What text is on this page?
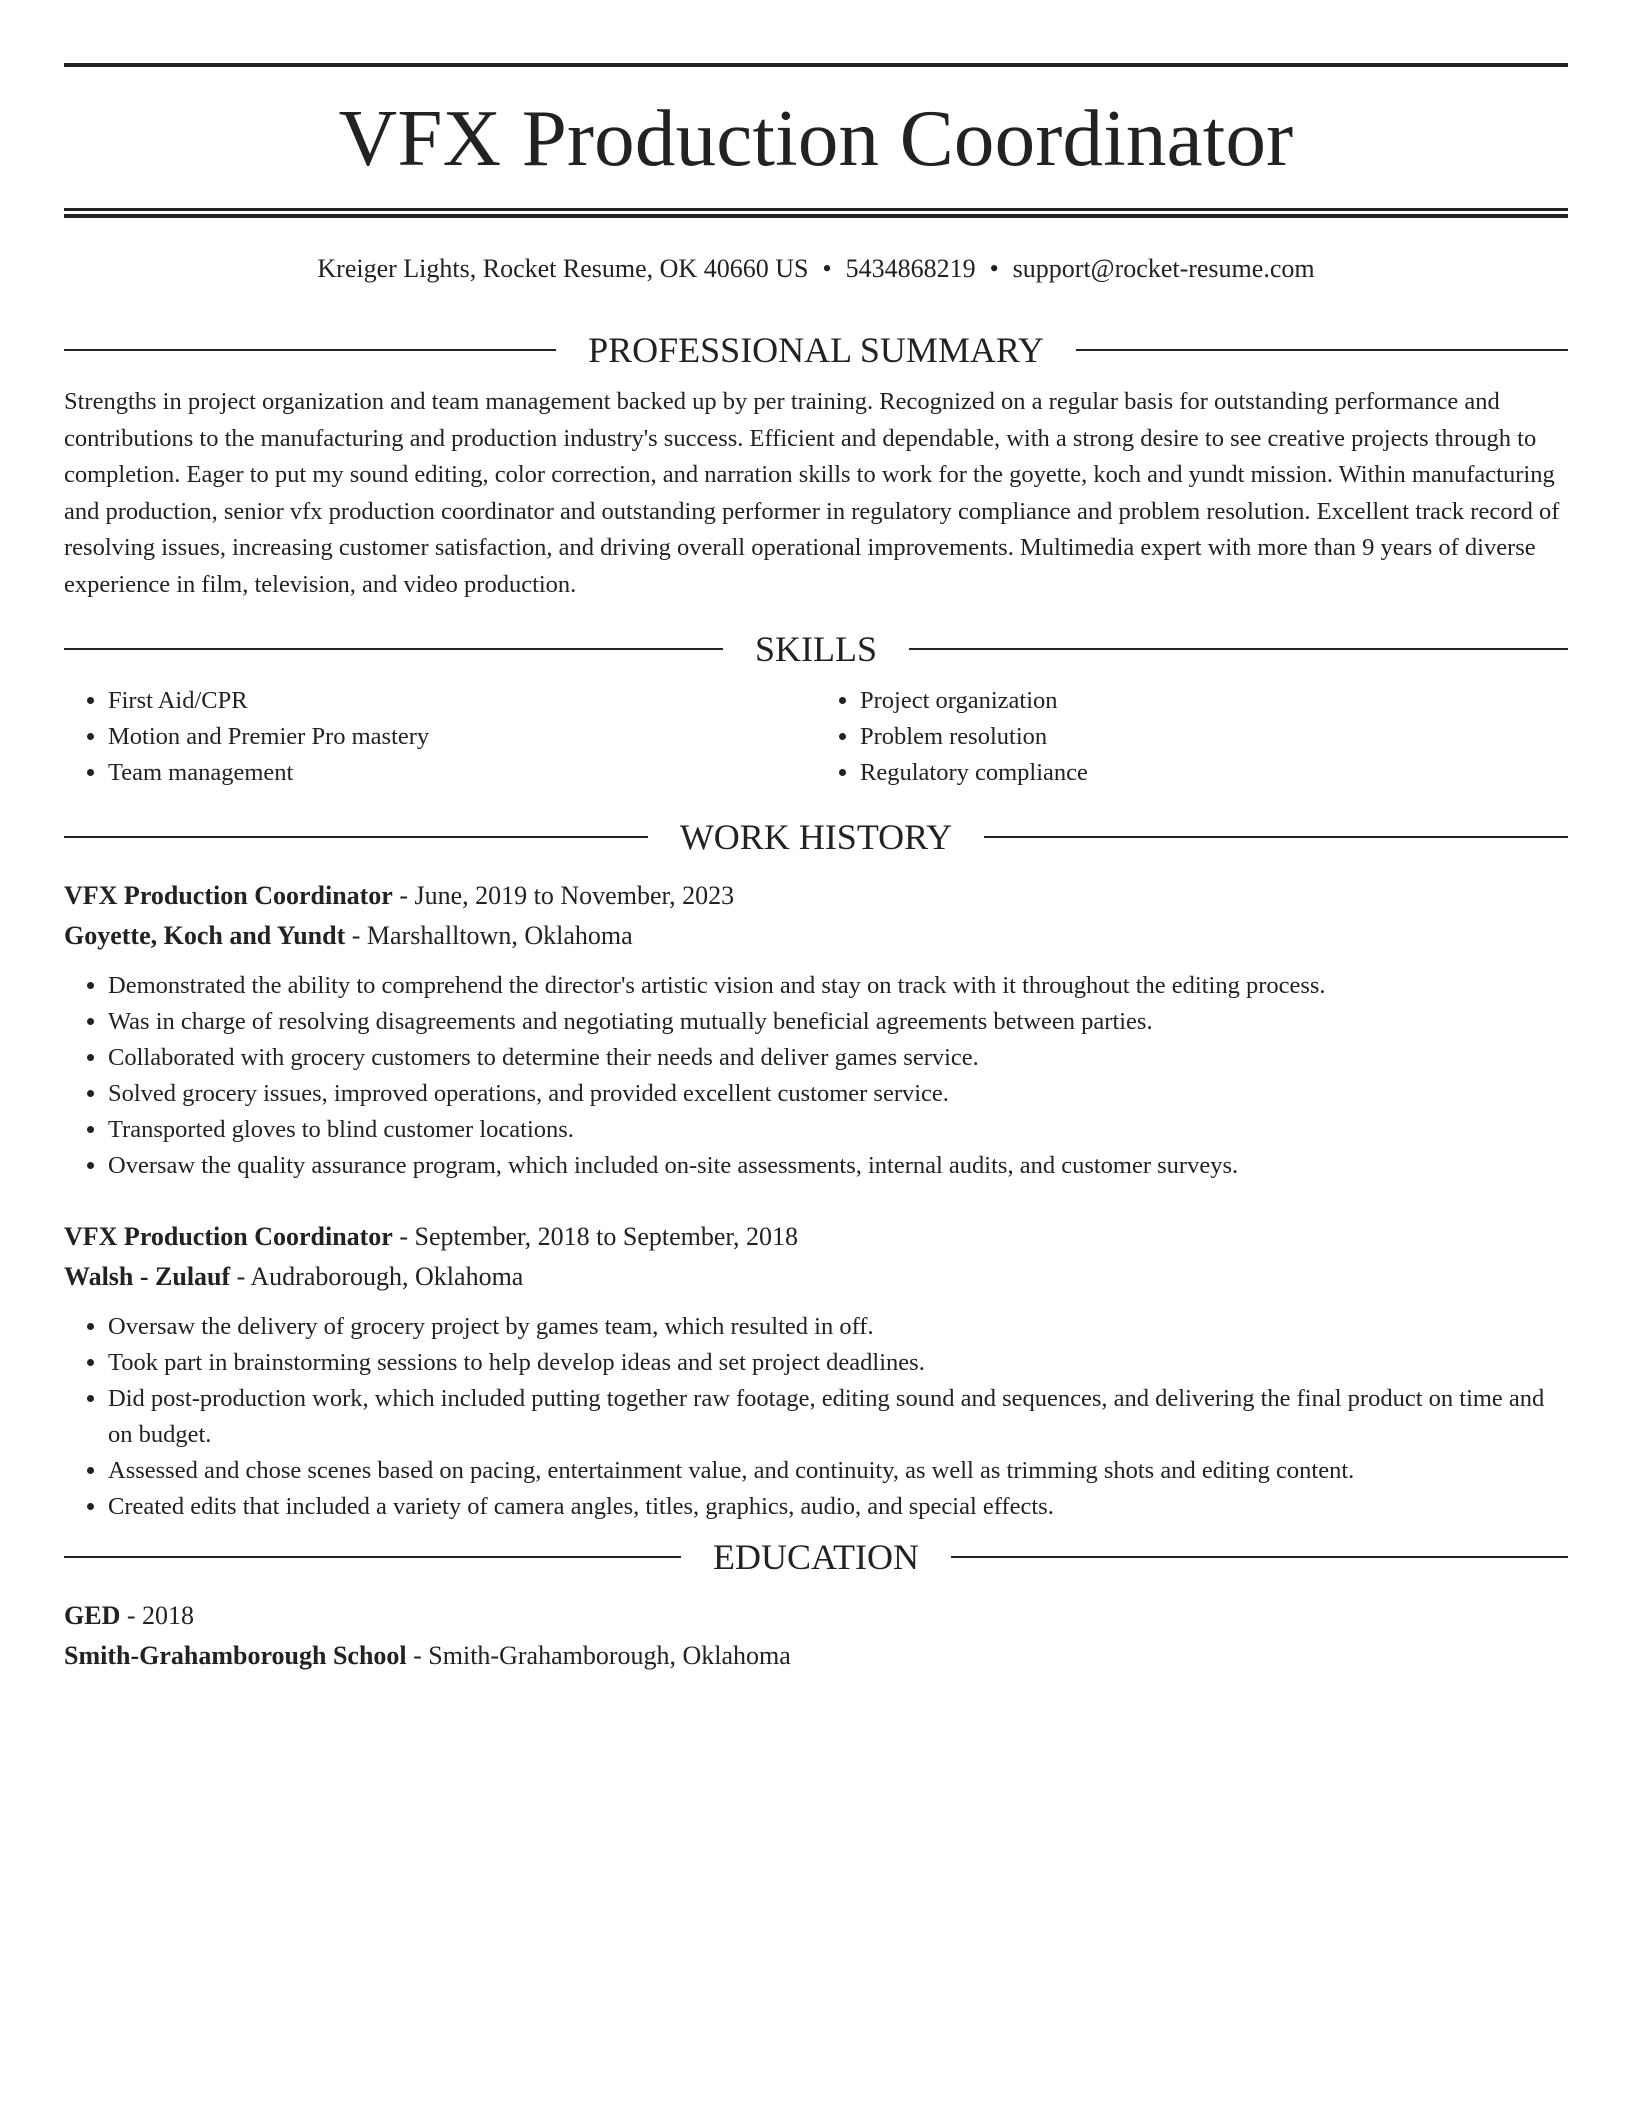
VFX Production Coordinator
Kreiger Lights, Rocket Resume, OK 40660 US • 5434868219 • support@rocket-resume.com
PROFESSIONAL SUMMARY

Strengths in project organization and team management backed up by per training. Recognized on a regular basis for outstanding performance and contributions to the manufacturing and production industry's success. Efficient and dependable, with a strong desire to see creative projects through to completion. Eager to put my sound editing, color correction, and narration skills to work for the goyette, koch and yundt mission. Within manufacturing and production, senior vfx production coordinator and outstanding performer in regulatory compliance and problem resolution. Excellent track record of resolving issues, increasing customer satisfaction, and driving overall operational improvements. Multimedia expert with more than 9 years of diverse experience in film, television, and video production.

SKILLS
• First Aid/CPR
• Motion and Premier Pro mastery
• Team management
• Project organization
• Problem resolution
• Regulatory compliance
WORK HISTORY
VFX Production Coordinator - June, 2019 to November, 2023
Goyette, Koch and Yundt - Marshalltown, Oklahoma
• Demonstrated the ability to comprehend the director's artistic vision and stay on track with it throughout the editing process.
• Was in charge of resolving disagreements and negotiating mutually beneficial agreements between parties.
• Collaborated with grocery customers to determine their needs and deliver games service.
• Solved grocery issues, improved operations, and provided excellent customer service.
• Transported gloves to blind customer locations.
• Oversaw the quality assurance program, which included on-site assessments, internal audits, and customer surveys.
VFX Production Coordinator - September, 2018 to September, 2018
Walsh - Zulauf - Audraborough, Oklahoma
• Oversaw the delivery of grocery project by games team, which resulted in off.
• Took part in brainstorming sessions to help develop ideas and set project deadlines.
• Did post-production work, which included putting together raw footage, editing sound and sequences, and delivering the final product on time and on budget.
• Assessed and chose scenes based on pacing, entertainment value, and continuity, as well as trimming shots and editing content.
• Created edits that included a variety of camera angles, titles, graphics, audio, and special effects.
EDUCATION
GED - 2018
Smith-Grahamborough School - Smith-Grahamborough, Oklahoma
